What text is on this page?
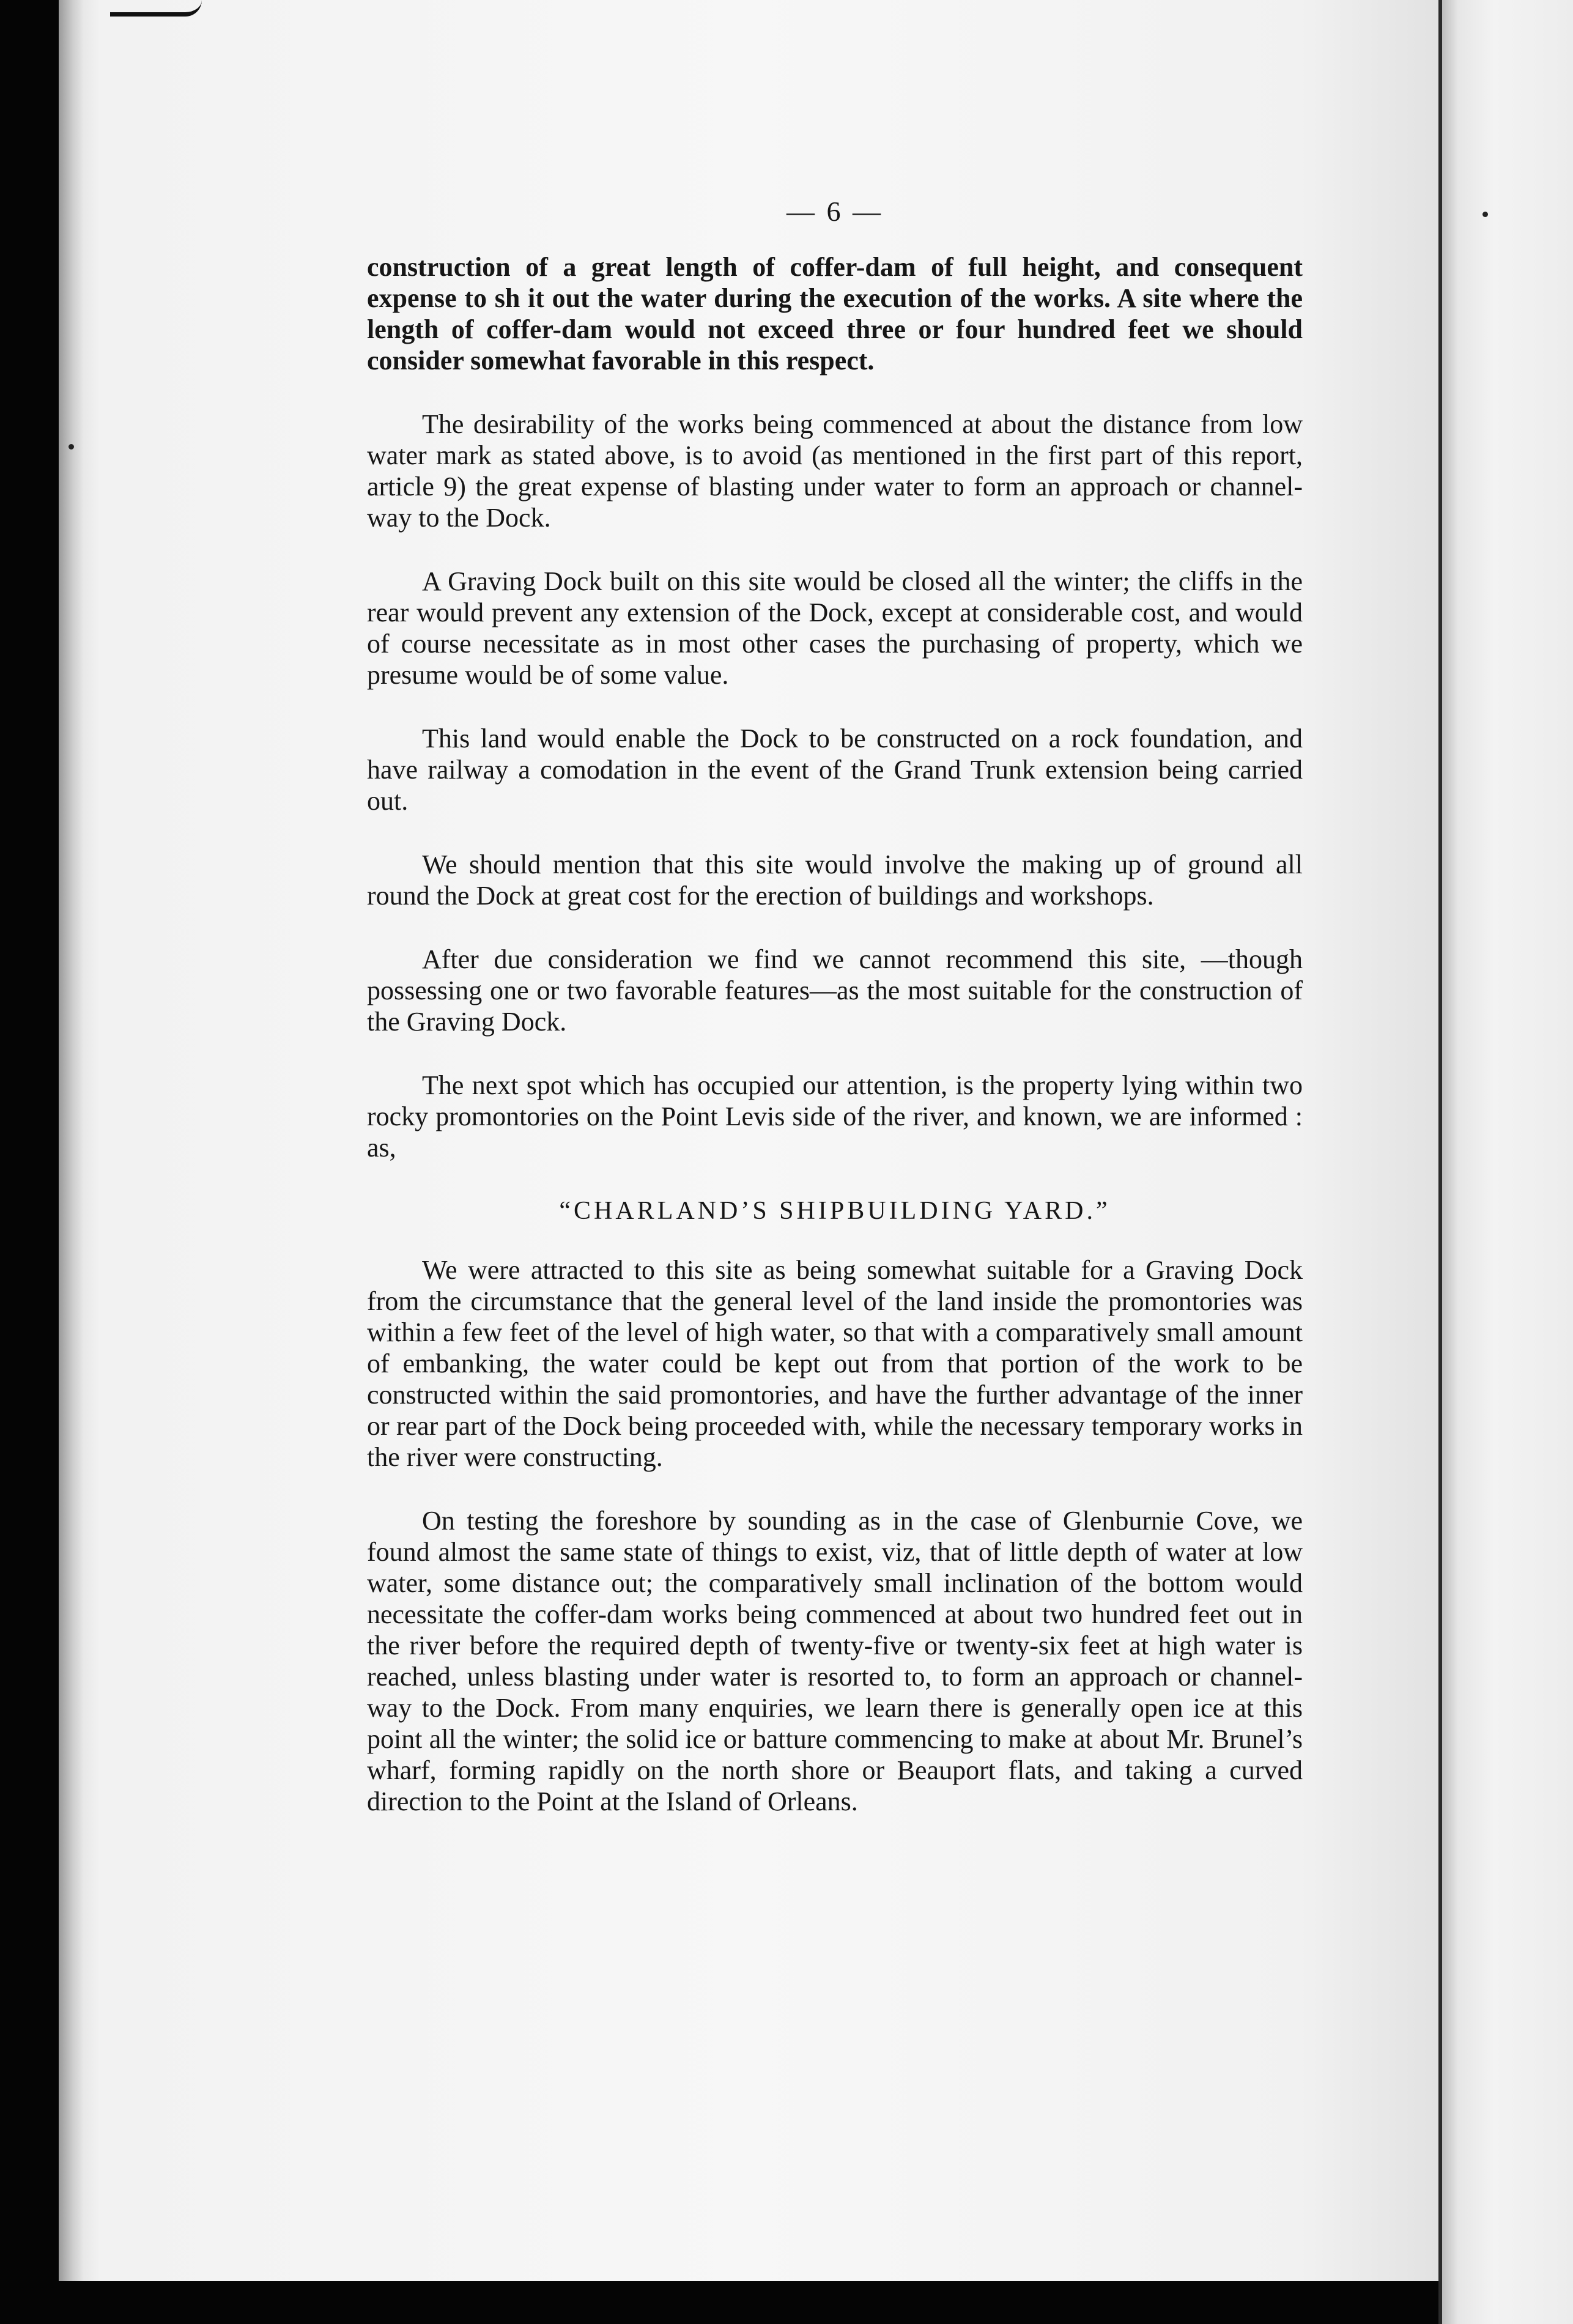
— 6 —

construction of a great length of coffer-dam of full height, and consequent expense to sh it out the water during the execution of the works. A site where the length of coffer-dam would not exceed three or four hundred feet we should consider somewhat favorable in this respect.

The desirability of the works being commenced at about the distance from low water mark as stated above, is to avoid (as mentioned in the first part of this report, article 9) the great expense of blasting under water to form an approach or channel-way to the Dock.

A Graving Dock built on this site would be closed all the winter; the cliffs in the rear would prevent any extension of the Dock, except at considerable cost, and would of course necessitate as in most other cases the purchasing of property, which we presume would be of some value.

This land would enable the Dock to be constructed on a rock foundation, and have railway a comodation in the event of the Grand Trunk extension being carried out.

We should mention that this site would involve the making up of ground all round the Dock at great cost for the erection of buildings and workshops.

After due consideration we find we cannot recommend this site, —though possessing one or two favorable features—as the most suitable for the construction of the Graving Dock.

The next spot which has occupied our attention, is the property lying within two rocky promontories on the Point Levis side of the river, and known, we are informed : as,

“CHARLAND’S SHIPBUILDING YARD.”

We were attracted to this site as being somewhat suitable for a Graving Dock from the circumstance that the general level of the land inside the promontories was within a few feet of the level of high water, so that with a comparatively small amount of embanking, the water could be kept out from that portion of the work to be constructed within the said promontories, and have the further advantage of the inner or rear part of the Dock being proceeded with, while the necessary temporary works in the river were constructing.

On testing the foreshore by sounding as in the case of Glenburnie Cove, we found almost the same state of things to exist, viz, that of little depth of water at low water, some distance out; the comparatively small inclination of the bottom would necessitate the coffer-dam works being commenced at about two hundred feet out in the river before the required depth of twenty-five or twenty-six feet at high water is reached, unless blasting under water is resorted to, to form an approach or channel-way to the Dock. From many enquiries, we learn there is generally open ice at this point all the winter; the solid ice or batture commencing to make at about Mr. Brunel’s wharf, forming rapidly on the north shore or Beauport flats, and taking a curved direction to the Point at the Island of Orleans.
